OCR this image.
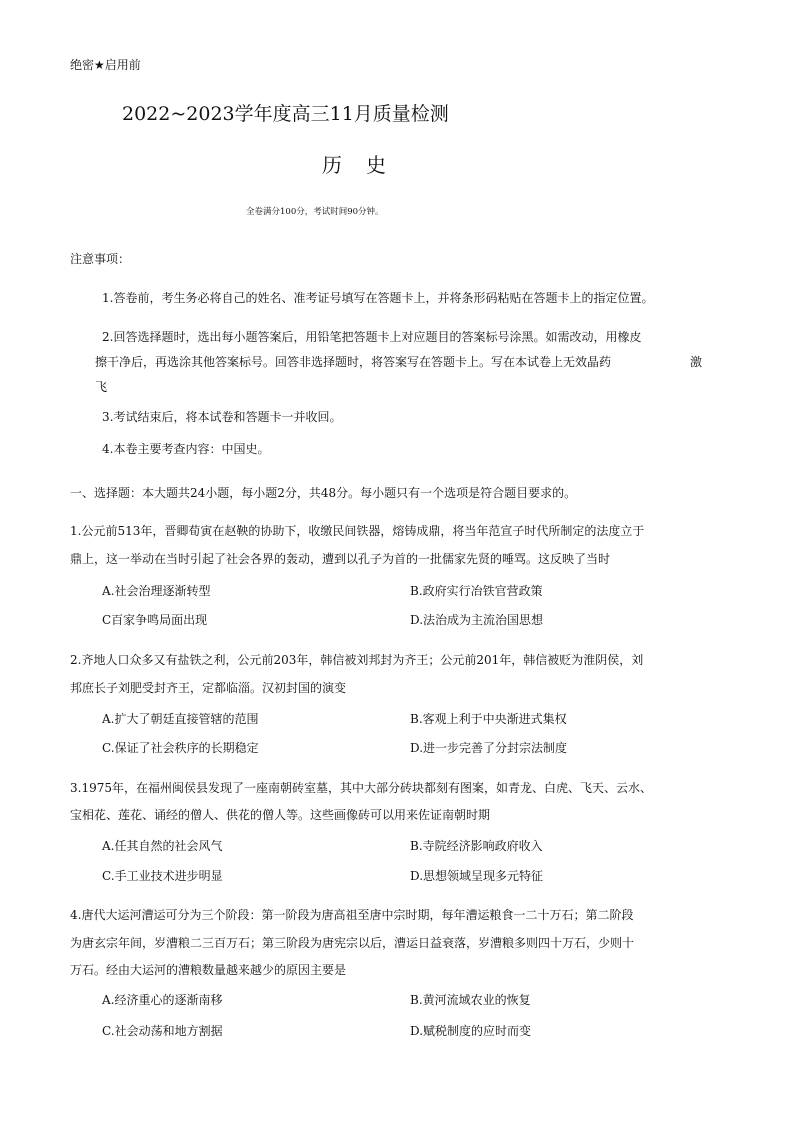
绝密★启用前
2022~2023学年度高三11月质量检测
历 史
全卷满分100分，考试时间90分钟。
注意事项：
1.答卷前，考生务必将自己的姓名、准考证号填写在答题卡上，并将条形码粘贴在答题卡上的指定位置。
2.回答选择题时，选出每小题答案后，用铅笔把答题卡上对应题目的答案标号涂黑。如需改动，用橡皮
擦干净后，再选涂其他答案标号。回答非选择题时，将答案写在答题卡上。写在本试卷上无效晶药	激
飞
3.考试结束后，将本试卷和答题卡一并收回。
4.本卷主要考查内容：中国史。
一、选择题：本大题共24小题，每小题2分，共48分。每小题只有一个选项是符合题目要求的。
1.公元前513年，晋卿荀寅在赵鞅的协助下，收缴民间铁器，熔铸成鼎，将当年范宣子时代所制定的法度立于
鼎上，这一举动在当时引起了社会各界的轰动，遭到以孔子为首的一批儒家先贤的唾骂。这反映了当时
A.社会治理逐渐转型	B.政府实行冶铁官营政策
C百家争鸣局面出现	D.法治成为主流治国思想
2.齐地人口众多又有盐铁之利，公元前203年，韩信被刘邦封为齐王；公元前201年，韩信被贬为淮阴侯，刘
邦庶长子刘肥受封齐王，定都临淄。汉初封国的演变
A.扩大了朝廷直接管辖的范围	B.客观上利于中央渐进式集权
C.保证了社会秩序的长期稳定	D.进一步完善了分封宗法制度
3.1975年，在福州闽侯县发现了一座南朝砖室墓，其中大部分砖块都刻有图案，如青龙、白虎、飞天、云水、
宝相花、莲花、诵经的僧人、供花的僧人等。这些画像砖可以用来佐证南朝时期
A.任其自然的社会风气	B.寺院经济影响政府收入
C.手工业技术进步明显	D.思想领域呈现多元特征
4.唐代大运河漕运可分为三个阶段：第一阶段为唐高祖至唐中宗时期，每年漕运粮食一二十万石；第二阶段
为唐玄宗年间，岁漕粮二三百万石；第三阶段为唐宪宗以后，漕运日益衰落，岁漕粮多则四十万石，少则十
万石。经由大运河的漕粮数量越来越少的原因主要是
A.经济重心的逐渐南移	B.黄河流域农业的恢复
C.社会动荡和地方割据	D.赋税制度的应时而变
